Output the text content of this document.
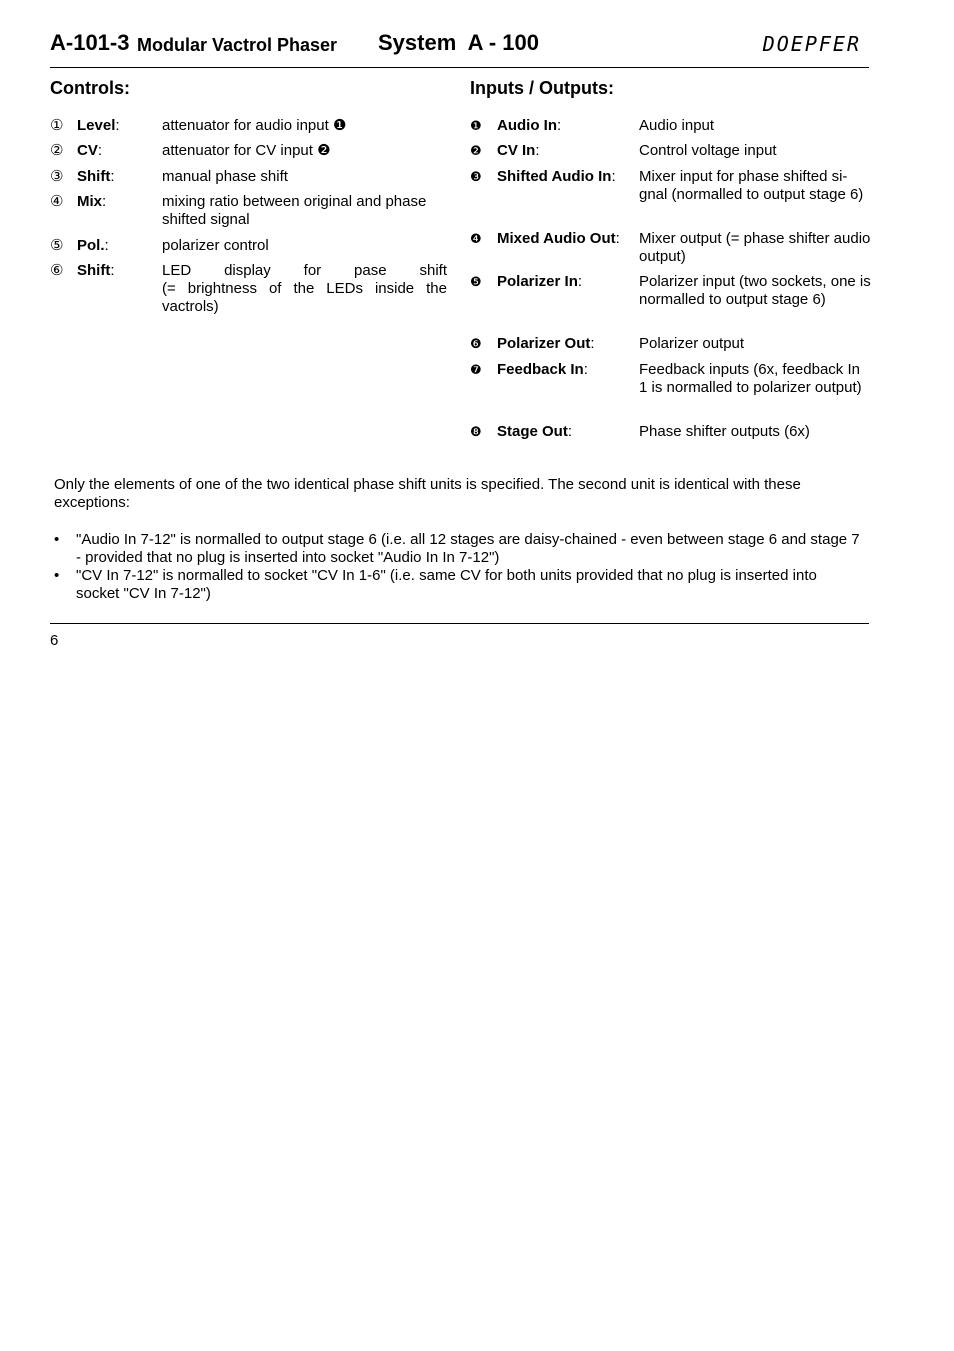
A-101-3 Modular Vactrol Phaser System  A - 100	DOEPFER
Controls:
① Level:	attenuator for audio input ❶
② CV:	attenuator for CV input ❷
③ Shift:	manual phase shift
④ Mix:	mixing ratio between original and phase shifted signal
⑤ Pol.:	polarizer control
⑥ Shift:	LED display for pase shift
(= brightness of the LEDs inside the vactrols)
Inputs / Outputs:
❶ Audio In:	Audio input
❷ CV In:	Control voltage input
❸ Shifted Audio In: Mixer input for phase shifted si-gnal (normalled to output stage 6)
❹ Mixed Audio Out: Mixer output (= phase shifter audio output)
❺ Polarizer In:	Polarizer input (two sockets, one is normalled to output stage 6)
❻ Polarizer Out:	Polarizer output
❼ Feedback In:	Feedback inputs (6x, feedback In 1 is normalled to polarizer output)
❽ Stage Out:	Phase shifter outputs (6x)
Only the elements of one of the two identical phase shift units is specified. The second unit is identical with these exceptions:
• "Audio In 7-12" is normalled to output stage 6 (i.e. all 12 stages are daisy-chained - even between stage 6 and stage 7 - provided that no plug is inserted into socket "Audio In In 7-12")
• "CV In 7-12" is normalled to socket "CV In 1-6" (i.e. same CV for both units provided that no plug is inserted into socket "CV In 7-12")
6
